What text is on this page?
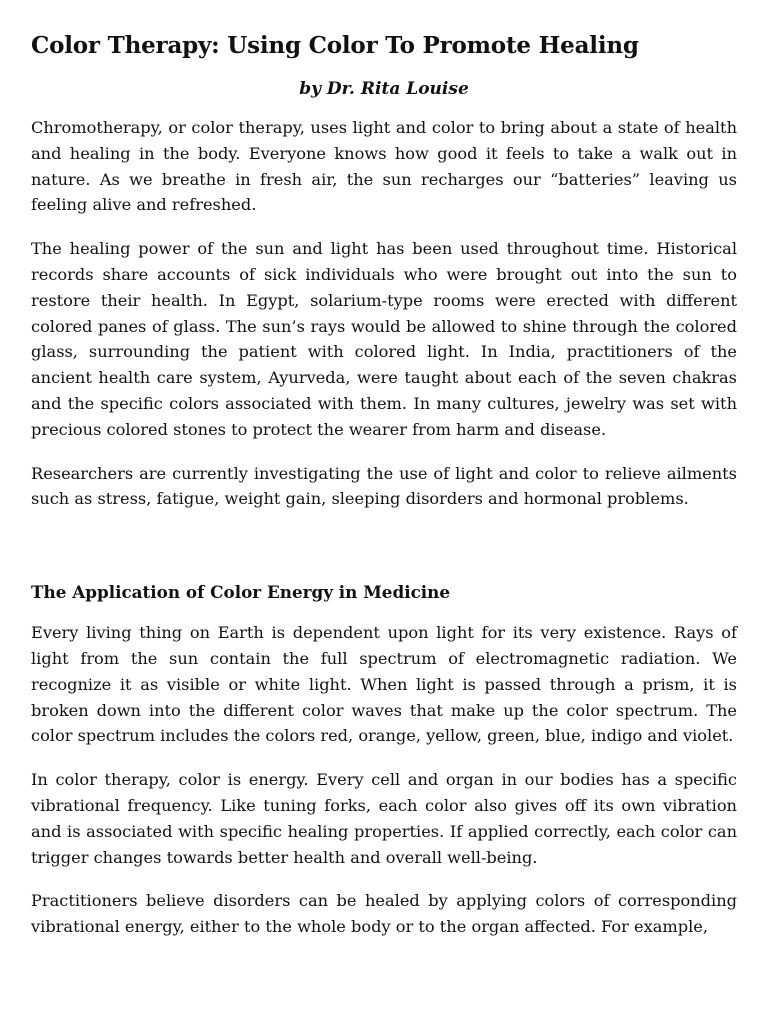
Color Therapy: Using Color To Promote Healing

by Dr. Rita Louise

Chromotherapy, or color therapy, uses light and color to bring about a state of health and healing in the body. Everyone knows how good it feels to take a walk out in nature. As we breathe in fresh air, the sun recharges our “batteries” leaving us feeling alive and refreshed.

The healing power of the sun and light has been used throughout time. Historical records share accounts of sick individuals who were brought out into the sun to restore their health. In Egypt, solarium-type rooms were erected with different colored panes of glass. The sun’s rays would be allowed to shine through the colored glass, surrounding the patient with colored light. In India, practitioners of the ancient health care system, Ayurveda, were taught about each of the seven chakras and the specific colors associated with them. In many cultures, jewelry was set with precious colored stones to protect the wearer from harm and disease.

Researchers are currently investigating the use of light and color to relieve ailments such as stress, fatigue, weight gain, sleeping disorders and hormonal problems.

The Application of Color Energy in Medicine

Every living thing on Earth is dependent upon light for its very existence. Rays of light from the sun contain the full spectrum of electromagnetic radiation. We recognize it as visible or white light. When light is passed through a prism, it is broken down into the different color waves that make up the color spectrum. The color spectrum includes the colors red, orange, yellow, green, blue, indigo and violet.

In color therapy, color is energy. Every cell and organ in our bodies has a specific vibrational frequency. Like tuning forks, each color also gives off its own vibration and is associated with specific healing properties. If applied correctly, each color can trigger changes towards better health and overall well-being.

Practitioners believe disorders can be healed by applying colors of corresponding vibrational energy, either to the whole body or to the organ affected. For example,
